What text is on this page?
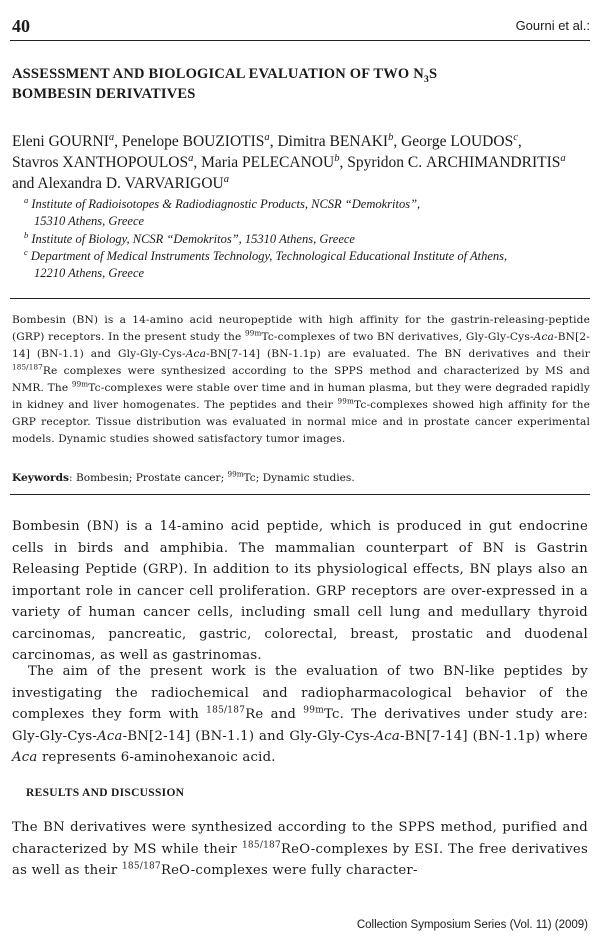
40	Gourni et al.:
ASSESSMENT AND BIOLOGICAL EVALUATION OF TWO $N_3S$
BOMBESIN DERIVATIVES
Eleni GOURNI$^a$, Penelope BOUZIOTIS$^a$, Dimitra BENAKI$^b$, George LOUDOS$^c$,
Stavros XANTHOPOULOS$^a$, Maria PELECANOU$^b$, Spyridon C. ARCHIMANDRITIS$^a$
and Alexandra D. VARVARIGOU$^a$
$^a$ Institute of Radioisotopes & Radiodiagnostic Products, NCSR “Demokritos”,
15310 Athens, Greece
$^b$ Institute of Biology, NCSR “Demokritos”, 15310 Athens, Greece
$^c$ Department of Medical Instruments Technology, Technological Educational Institute of Athens,
12210 Athens, Greece

Bombesin (BN) is a 14-amino acid neuropeptide with high affinity for the gastrin-releasing-peptide (GRP) receptors. In the present study the $^{99m}$Tc-complexes of two BN derivatives, Gly-Gly-Cys-Aca-BN[2-14] (BN-1.1) and Gly-Gly-Cys-Aca-BN[7-14] (BN-1.1p) are evaluated. The BN derivatives and their $^{185/187}$Re complexes were synthesized according to the SPPS method and characterized by MS and NMR. The $^{99m}$Tc-complexes were stable over time and in human plasma, but they were degraded rapidly in kidney and liver homogenates. The peptides and their $^{99m}$Tc-complexes showed high affinity for the GRP receptor. Tissue distribution was evaluated in normal mice and in prostate cancer experimental models. Dynamic studies showed satisfactory tumor images.

Keywords: Bombesin; Prostate cancer; $^{99m}$Tc; Dynamic studies.

Bombesin (BN) is a 14-amino acid peptide, which is produced in gut endocrine cells in birds and amphibia. The mammalian counterpart of BN is Gastrin Releasing Peptide (GRP). In addition to its physiological effects, BN plays also an important role in cancer cell proliferation. GRP receptors are over-expressed in a variety of human cancer cells, including small cell lung and medullary thyroid carcinomas, pancreatic, gastric, colorectal, breast, prostatic and duodenal carcinomas, as well as gastrinomas.

The aim of the present work is the evaluation of two BN-like peptides by investigating the radiochemical and radiopharmacological behavior of the complexes they form with $^{185/187}$Re and $^{99m}$Tc. The derivatives under study are: Gly-Gly-Cys-Aca-BN[2-14] (BN-1.1) and Gly-Gly-Cys-Aca-BN[7-14] (BN-1.1p) where Aca represents 6-aminohexanoic acid.

RESULTS AND DISCUSSION

The BN derivatives were synthesized according to the SPPS method, purified and characterized by MS while their $^{185/187}$ReO-complexes by ESI. The free derivatives as well as their $^{185/187}$ReO-complexes were fully character-

Collection Symposium Series (Vol. 11) (2009)
